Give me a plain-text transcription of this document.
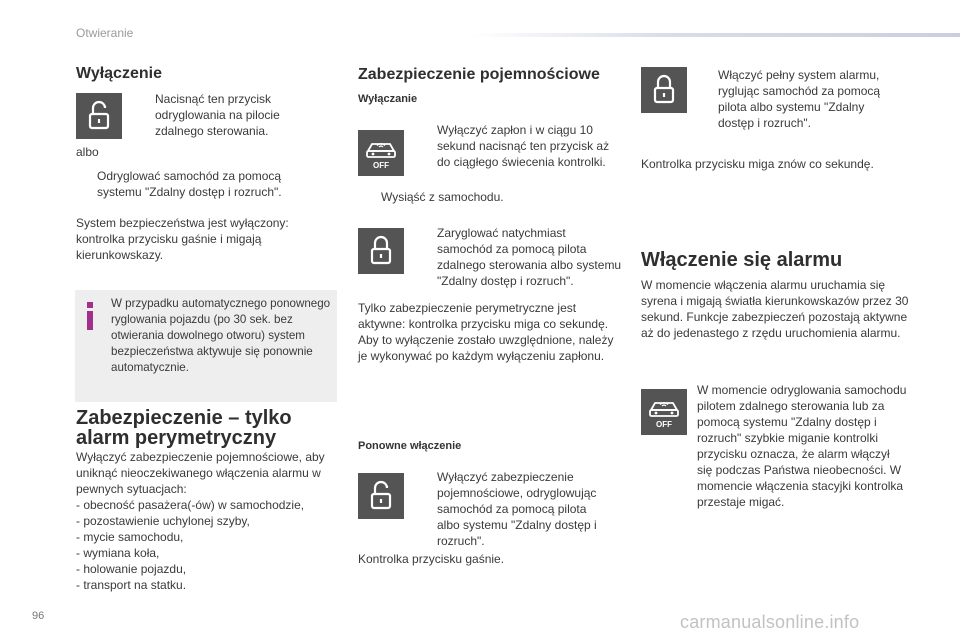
Otwieranie
Wyłączenie
Nacisnąć ten przycisk odryglowania na pilocie zdalnego sterowania.
albo
Odryglować samochód za pomocą systemu "Zdalny dostęp i rozruch".
System bezpieczeństwa jest wyłączony: kontrolka przycisku gaśnie i migają kierunkowskazy.
W przypadku automatycznego ponownego ryglowania pojazdu (po 30 sek. bez otwierania dowolnego otworu) system bezpieczeństwa aktywuje się ponownie automatycznie.
Zabezpieczenie – tylko
alarm perymetryczny
Wyłączyć zabezpieczenie pojemnościowe, aby uniknąć nieoczekiwanego włączenia alarmu w pewnych sytuacjach:
- obecność pasażera(-ów) w samochodzie,
- pozostawienie uchylonej szyby,
- mycie samochodu,
- wymiana koła,
- holowanie pojazdu,
- transport na statku.
Zabezpieczenie pojemnościowe
Wyłączanie
OFF
Wyłączyć zapłon i w ciągu 10 sekund nacisnąć ten przycisk aż do ciągłego świecenia kontrolki.
Wysiąść z samochodu.
Zaryglować natychmiast samochód za pomocą pilota zdalnego sterowania albo systemu "Zdalny dostęp i rozruch".
Tylko zabezpieczenie perymetryczne jest aktywne: kontrolka przycisku miga co sekundę. Aby to wyłączenie zostało uwzględnione, należy je wykonywać po każdym wyłączeniu zapłonu.
Ponowne włączenie
Wyłączyć zabezpieczenie pojemnościowe, odryglowując samochód za pomocą pilota albo systemu "Zdalny dostęp i rozruch".
Kontrolka przycisku gaśnie.
Włączyć pełny system alarmu, ryglując samochód za pomocą pilota albo systemu "Zdalny dostęp i rozruch".
Kontrolka przycisku miga znów co sekundę.
Włączenie się alarmu
W momencie włączenia alarmu uruchamia się syrena i migają światła kierunkowskazów przez 30 sekund. Funkcje zabezpieczeń pozostają aktywne aż do jedenastego z rzędu uruchomienia alarmu.
OFF
W momencie odryglowania samochodu pilotem zdalnego sterowania lub za pomocą systemu "Zdalny dostęp i rozruch" szybkie miganie kontrolki przycisku oznacza, że alarm włączył się podczas Państwa nieobecności. W momencie włączenia stacyjki kontrolka przestaje migać.
96	carmanualsonline.info
